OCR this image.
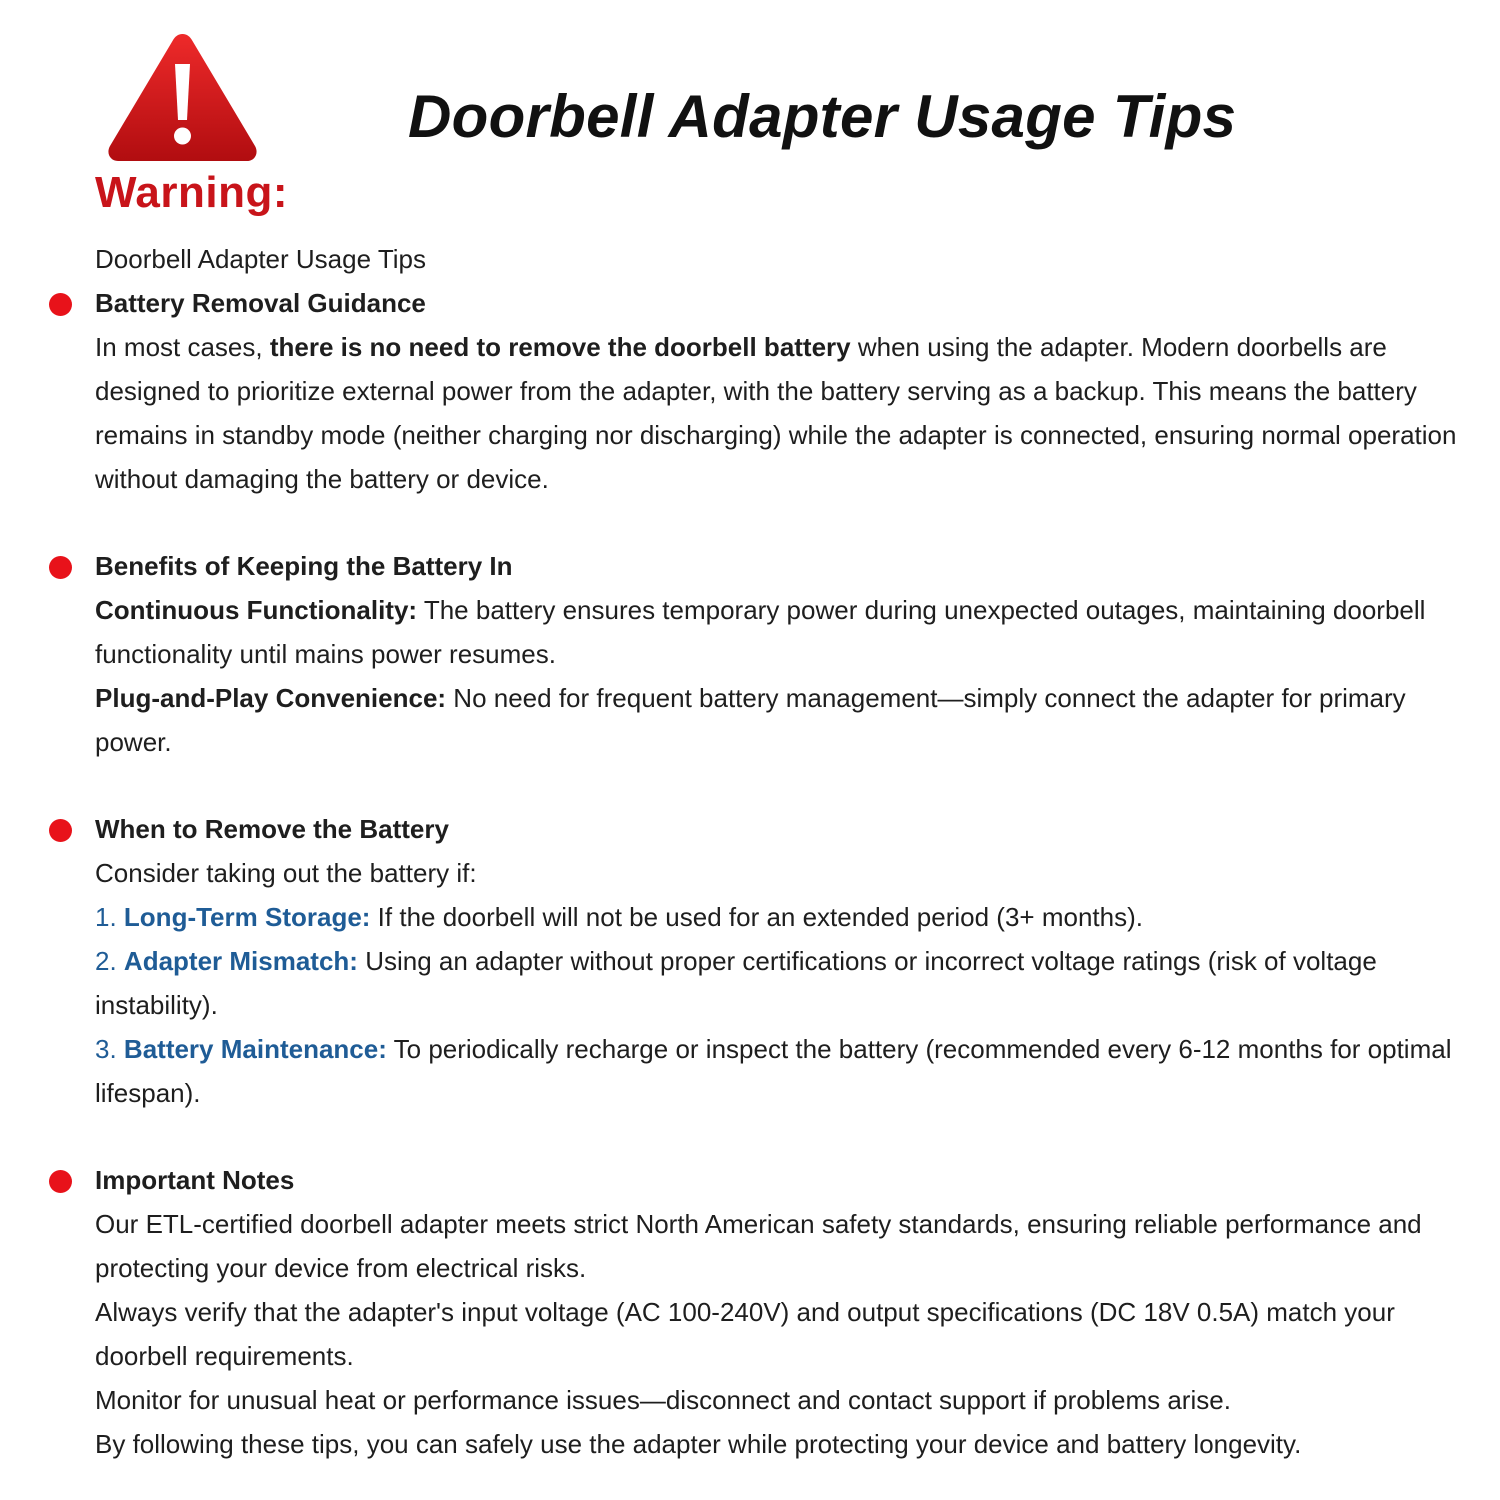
Warning:
Doorbell Adapter Usage Tips

Doorbell Adapter Usage Tips

Battery Removal Guidance

In most cases, there is no need to remove the doorbell battery when using the adapter. Modern doorbells are designed to prioritize external power from the adapter, with the battery serving as a backup. This means the battery remains in standby mode (neither charging nor discharging) while the adapter is connected, ensuring normal operation without damaging the battery or device.

Benefits of Keeping the Battery In

Continuous Functionality: The battery ensures temporary power during unexpected outages, maintaining doorbell functionality until mains power resumes.

Plug-and-Play Convenience: No need for frequent battery management—simply connect the adapter for primary power.

When to Remove the Battery

Consider taking out the battery if:

1. Long-Term Storage: If the doorbell will not be used for an extended period (3+ months).

2. Adapter Mismatch: Using an adapter without proper certifications or incorrect voltage ratings (risk of voltage instability).

3. Battery Maintenance: To periodically recharge or inspect the battery (recommended every 6-12 months for optimal lifespan).

Important Notes

Our ETL-certified doorbell adapter meets strict North American safety standards, ensuring reliable performance and protecting your device from electrical risks.

Always verify that the adapter's input voltage (AC 100-240V) and output specifications (DC 18V 0.5A) match your doorbell requirements.

Monitor for unusual heat or performance issues—disconnect and contact support if problems arise.

By following these tips, you can safely use the adapter while protecting your device and battery longevity.
